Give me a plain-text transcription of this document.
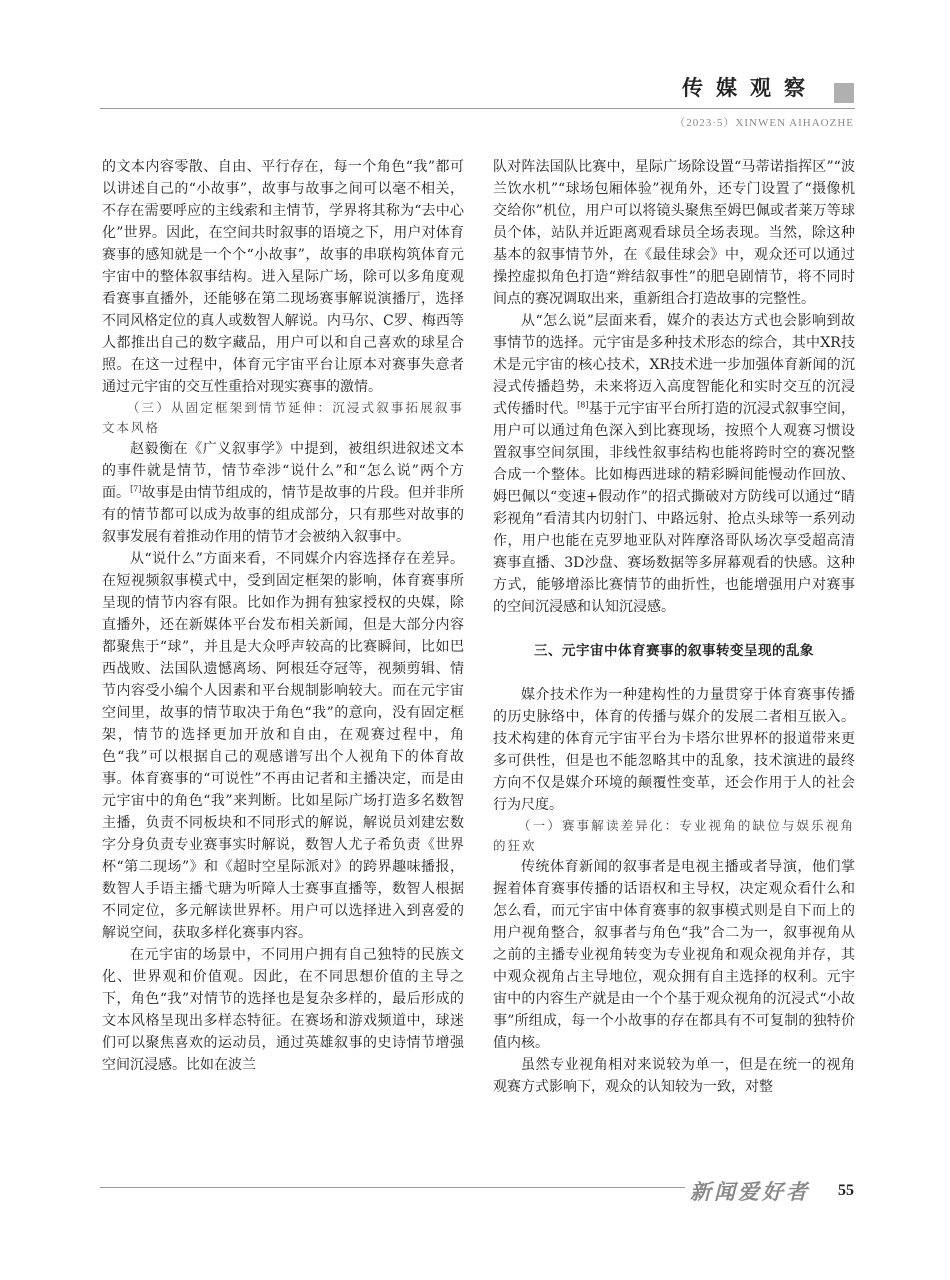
传媒观察
（2023·5）XINWEN AIHAOZHE

的文本内容零散、自由、平行存在，每一个角色“我”都可以讲述自己的“小故事”，故事与故事之间可以毫不相关，不存在需要呼应的主线索和主情节，学界将其称为“去中心化”世界。因此，在空间共时叙事的语境之下，用户对体育赛事的感知就是一个个“小故事”，故事的串联构筑体育元宇宙中的整体叙事结构。进入星际广场，除可以多角度观看赛事直播外，还能够在第二现场赛事解说演播厅，选择不同风格定位的真人或数智人解说。内马尔、C罗、梅西等人都推出自己的数字藏品，用户可以和自己喜欢的球星合照。在这一过程中，体育元宇宙平台让原本对赛事失意者通过元宇宙的交互性重拾对现实赛事的激情。

（三）从固定框架到情节延伸：沉浸式叙事拓展叙事文本风格

赵毅衡在《广义叙事学》中提到，被组织进叙述文本的事件就是情节，情节牵涉“说什么”和“怎么说”两个方面。[7]故事是由情节组成的，情节是故事的片段。但并非所有的情节都可以成为故事的组成部分，只有那些对故事的叙事发展有着推动作用的情节才会被纳入叙事中。

从“说什么”方面来看，不同媒介内容选择存在差异。在短视频叙事模式中，受到固定框架的影响，体育赛事所呈现的情节内容有限。比如作为拥有独家授权的央媒，除直播外，还在新媒体平台发布相关新闻，但是大部分内容都聚焦于“球”，并且是大众呼声较高的比赛瞬间，比如巴西战败、法国队遗憾离场、阿根廷夺冠等，视频剪辑、情节内容受小编个人因素和平台规制影响较大。而在元宇宙空间里，故事的情节取决于角色“我”的意向，没有固定框架，情节的选择更加开放和自由，在观赛过程中，角色“我”可以根据自己的观感谱写出个人视角下的体育故事。体育赛事的“可说性”不再由记者和主播决定，而是由元宇宙中的角色“我”来判断。比如星际广场打造多名数智主播，负责不同板块和不同形式的解说，解说员刘建宏数字分身负责专业赛事实时解说，数智人尤子希负责《世界杯“第二现场”》和《超时空星际派对》的跨界趣味播报，数智人手语主播弋瑭为听障人士赛事直播等，数智人根据不同定位，多元解读世界杯。用户可以选择进入到喜爱的解说空间，获取多样化赛事内容。

在元宇宙的场景中，不同用户拥有自己独特的民族文化、世界观和价值观。因此，在不同思想价值的主导之下，角色“我”对情节的选择也是复杂多样的，最后形成的文本风格呈现出多样态特征。在赛场和游戏频道中，球迷们可以聚焦喜欢的运动员，通过英雄叙事的史诗情节增强空间沉浸感。比如在波兰

队对阵法国队比赛中，星际广场除设置“马蒂诺指挥区”“波兰饮水机”“球场包厢体验”视角外，还专门设置了“摄像机交给你”机位，用户可以将镜头聚焦至姆巴佩或者莱万等球员个体，站队并近距离观看球员全场表现。当然，除这种基本的叙事情节外，在《最佳球会》中，观众还可以通过操控虚拟角色打造“辫结叙事性”的肥皂剧情节，将不同时间点的赛况调取出来，重新组合打造故事的完整性。

从“怎么说”层面来看，媒介的表达方式也会影响到故事情节的选择。元宇宙是多种技术形态的综合，其中XR技术是元宇宙的核心技术，XR技术进一步加强体育新闻的沉浸式传播趋势，未来将迈入高度智能化和实时交互的沉浸式传播时代。[8]基于元宇宙平台所打造的沉浸式叙事空间，用户可以通过角色深入到比赛现场，按照个人观赛习惯设置叙事空间氛围，非线性叙事结构也能将跨时空的赛况整合成一个整体。比如梅西进球的精彩瞬间能慢动作回放、姆巴佩以“变速+假动作”的招式撕破对方防线可以通过“睛彩视角”看清其内切射门、中路远射、抢点头球等一系列动作，用户也能在克罗地亚队对阵摩洛哥队场次享受超高清赛事直播、3D沙盘、赛场数据等多屏幕观看的快感。这种方式，能够增添比赛情节的曲折性，也能增强用户对赛事的空间沉浸感和认知沉浸感。

三、元宇宙中体育赛事的叙事转变呈现的乱象

媒介技术作为一种建构性的力量贯穿于体育赛事传播的历史脉络中，体育的传播与媒介的发展二者相互嵌入。技术构建的体育元宇宙平台为卡塔尔世界杯的报道带来更多可供性，但是也不能忽略其中的乱象，技术演进的最终方向不仅是媒介环境的颠覆性变革，还会作用于人的社会行为尺度。

（一）赛事解读差异化：专业视角的缺位与娱乐视角的狂欢

传统体育新闻的叙事者是电视主播或者导演，他们掌握着体育赛事传播的话语权和主导权，决定观众看什么和怎么看，而元宇宙中体育赛事的叙事模式则是自下而上的用户视角整合，叙事者与角色“我”合二为一，叙事视角从之前的主播专业视角转变为专业视角和观众视角并存，其中观众视角占主导地位，观众拥有自主选择的权利。元宇宙中的内容生产就是由一个个基于观众视角的沉浸式“小故事”所组成，每一个小故事的存在都具有不可复制的独特价值内核。

虽然专业视角相对来说较为单一，但是在统一的视角观赛方式影响下，观众的认知较为一致，对整

新闻爱好者 55
